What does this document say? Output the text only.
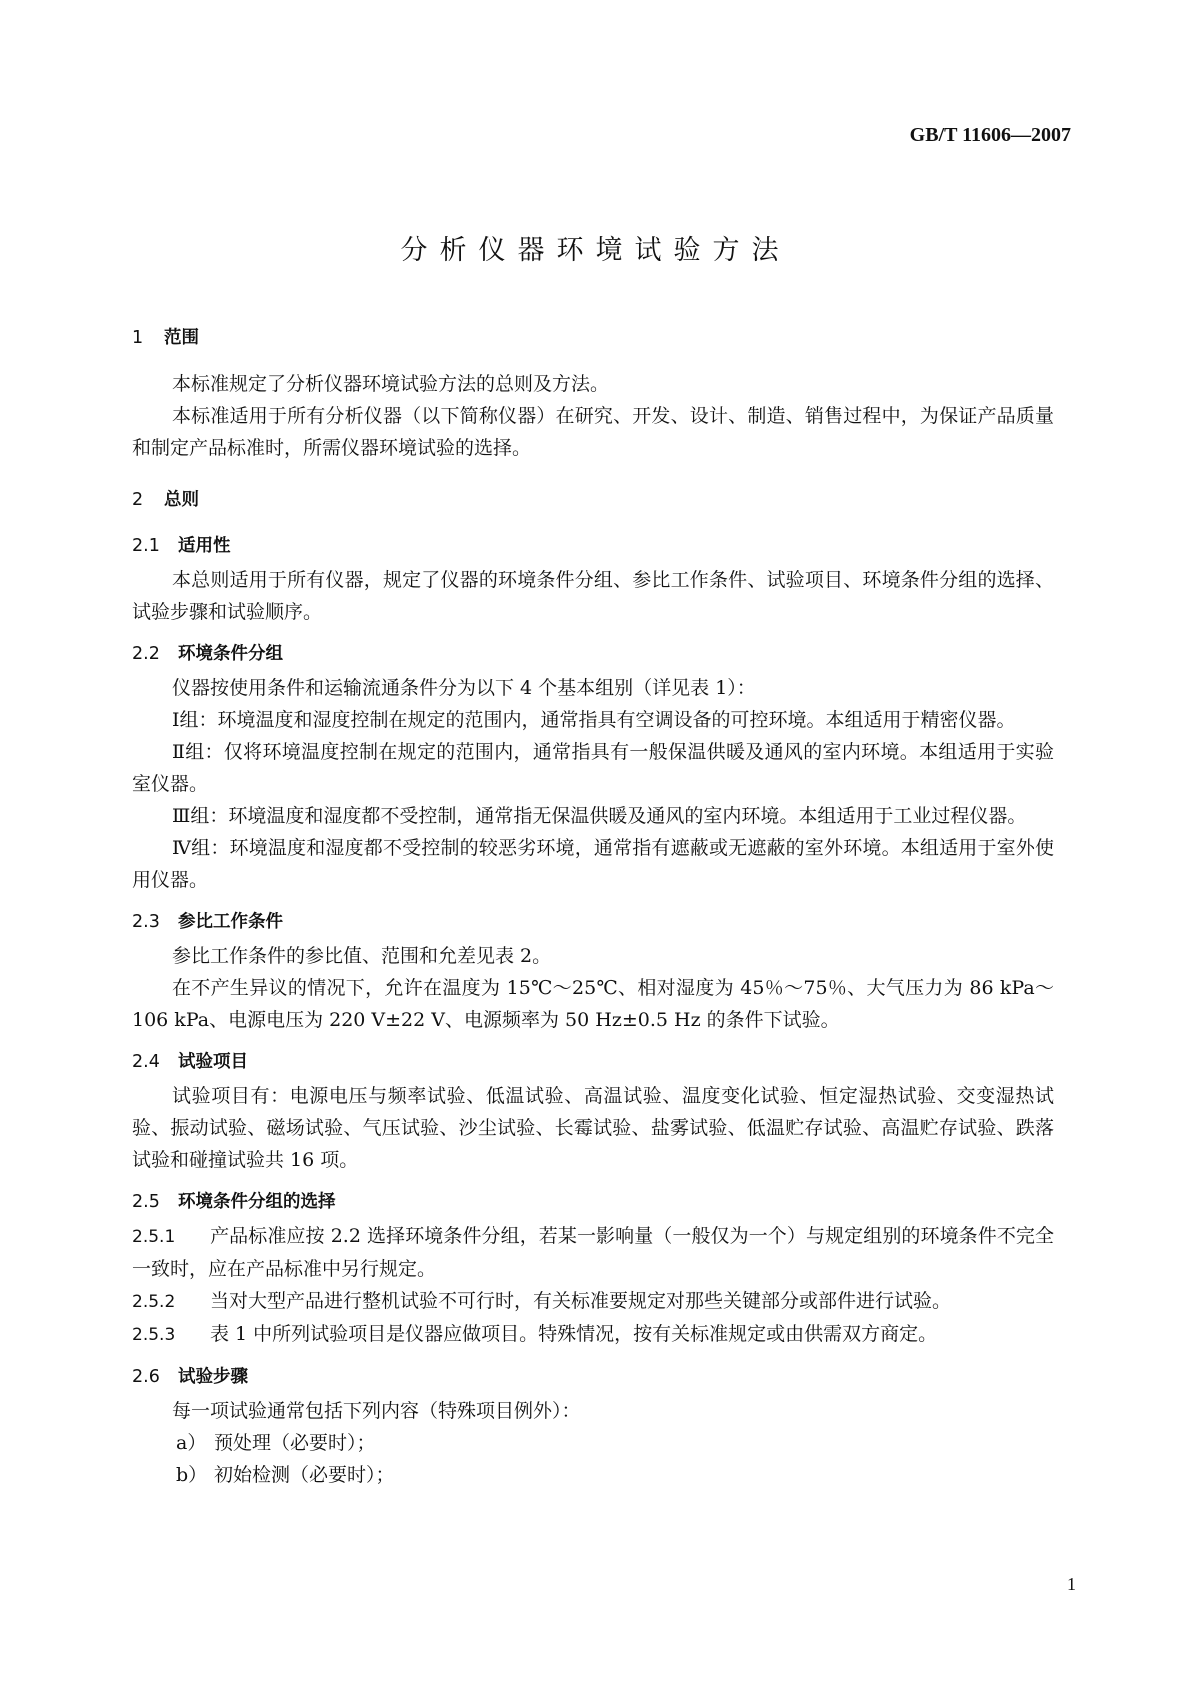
GB/T 11606—2007
分析仪器环境试验方法
1 范围

本标准规定了分析仪器环境试验方法的总则及方法。

本标准适用于所有分析仪器（以下简称仪器）在研究、开发、设计、制造、销售过程中，为保证产品质量和制定产品标准时，所需仪器环境试验的选择。

2 总则
2.1 适用性

本总则适用于所有仪器，规定了仪器的环境条件分组、参比工作条件、试验项目、环境条件分组的选择、试验步骤和试验顺序。

2.2 环境条件分组

仪器按使用条件和运输流通条件分为以下 4 个基本组别（详见表 1）：

Ⅰ组：环境温度和湿度控制在规定的范围内，通常指具有空调设备的可控环境。本组适用于精密仪器。

Ⅱ组：仅将环境温度控制在规定的范围内，通常指具有一般保温供暖及通风的室内环境。本组适用于实验室仪器。

Ⅲ组：环境温度和湿度都不受控制，通常指无保温供暖及通风的室内环境。本组适用于工业过程仪器。

Ⅳ组：环境温度和湿度都不受控制的较恶劣环境，通常指有遮蔽或无遮蔽的室外环境。本组适用于室外使用仪器。

2.3 参比工作条件

参比工作条件的参比值、范围和允差见表 2。

在不产生异议的情况下，允许在温度为 15℃～25℃、相对湿度为 45％～75％、大气压力为 86 kPa～106 kPa、电源电压为 220 V±22 V、电源频率为 50 Hz±0.5 Hz 的条件下试验。

2.4 试验项目

试验项目有：电源电压与频率试验、低温试验、高温试验、温度变化试验、恒定湿热试验、交变湿热试验、振动试验、磁场试验、气压试验、沙尘试验、长霉试验、盐雾试验、低温贮存试验、高温贮存试验、跌落试验和碰撞试验共 16 项。

2.5 环境条件分组的选择

2.5.1 产品标准应按 2.2 选择环境条件分组，若某一影响量（一般仅为一个）与规定组别的环境条件不完全一致时，应在产品标准中另行规定。

2.5.2 当对大型产品进行整机试验不可行时，有关标准要规定对那些关键部分或部件进行试验。

2.5.3 表 1 中所列试验项目是仪器应做项目。特殊情况，按有关标准规定或由供需双方商定。

2.6 试验步骤

每一项试验通常包括下列内容（特殊项目例外）：

a） 预处理（必要时）；

b） 初始检测（必要时）；

1
